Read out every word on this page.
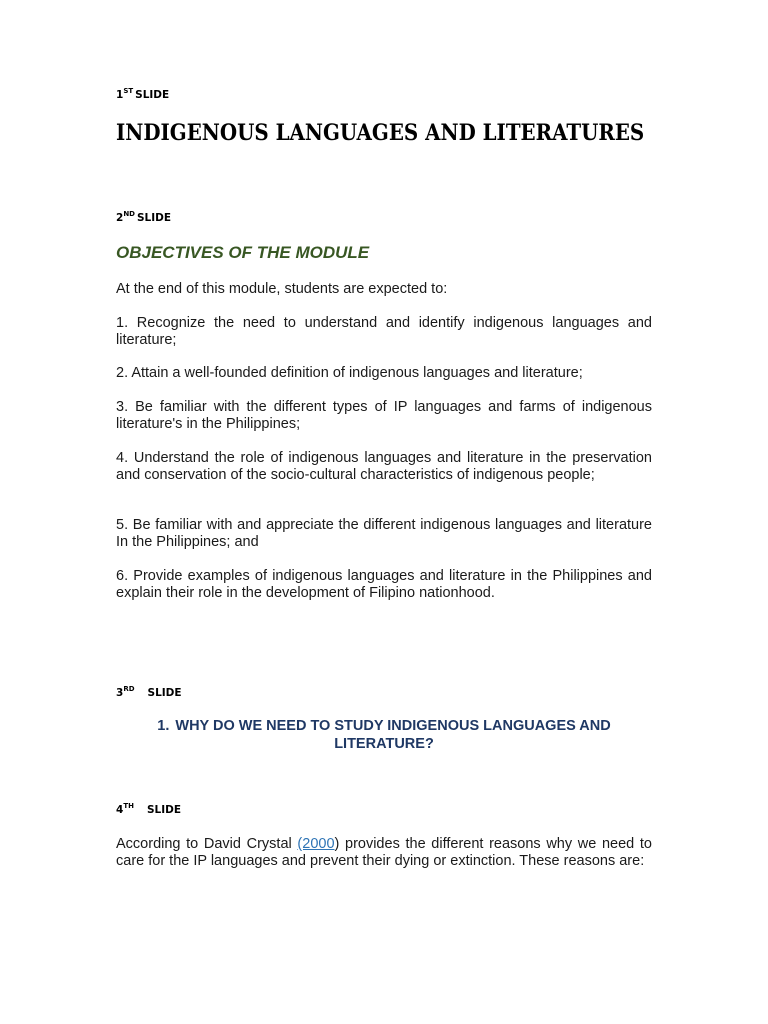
1ST SLIDE
INDIGENOUS LANGUAGES AND LITERATURES
2ND SLIDE
OBJECTIVES OF THE MODULE
At the end of this module, students are expected to:
1. Recognize the need to understand and identify indigenous languages and literature;
2. Attain a well-founded definition of indigenous languages and literature;
3. Be familiar with the different types of IP languages and farms of indigenous literature's in the Philippines;
4. Understand the role of indigenous languages and literature in the preservation and conservation of the socio-cultural characteristics of indigenous people;
5. Be familiar with and appreciate the different indigenous languages and literature In the Philippines; and
6. Provide examples of indigenous languages and literature in the Philippines and explain their role in the development of Filipino nationhood.
3RD SLIDE
1. WHY DO WE NEED TO STUDY INDIGENOUS LANGUAGES AND LITERATURE?
4TH SLIDE
According to David Crystal (2000) provides the different reasons why we need to care for the IP languages and prevent their dying or extinction. These reasons are:
